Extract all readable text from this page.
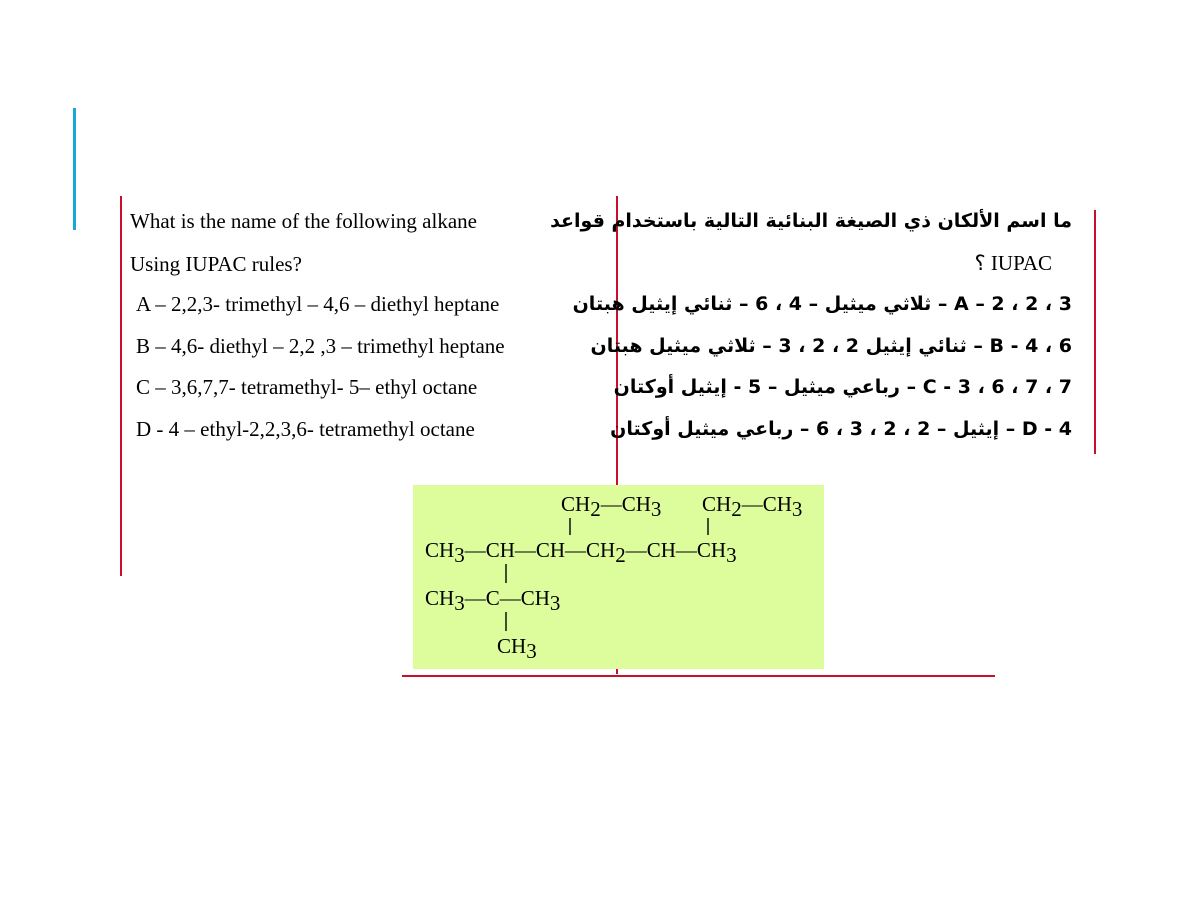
What is the name of the following alkane
Using IUPAC rules?
A – 2,2,3- trimethyl – 4,6 – diethyl heptane
B – 4,6- diethyl – 2,2 ,3 – trimethyl heptane
C – 3,6,7,7- tetramethyl- 5– ethyl octane
D - 4 – ethyl-2,2,3,6- tetramethyl octane
ما اسم الألكان ذي الصيغة البنائية التالية باستخدام قواعد
IUPAC ؟
A – 2 ، 2 ، 3 – ثلاثي ميثيل – 4 ، 6 – ثنائي إيثيل هبتان
B - 4 ، 6 – ثنائي إيثيل 2 ، 2 ، 3 – ثلاثي ميثيل هبتان
C - 3 ، 6 ، 7 ، 7 – رباعي ميثيل – 5 - إيثيل أوكتان
D - 4 – إيثيل – 2 ، 2 ، 3 ، 6 – رباعي ميثيل أوكتان
CH2—CH3 CH2—CH3
CH3—CH—CH—CH2—CH—CH3
CH3—C—CH3
CH3
